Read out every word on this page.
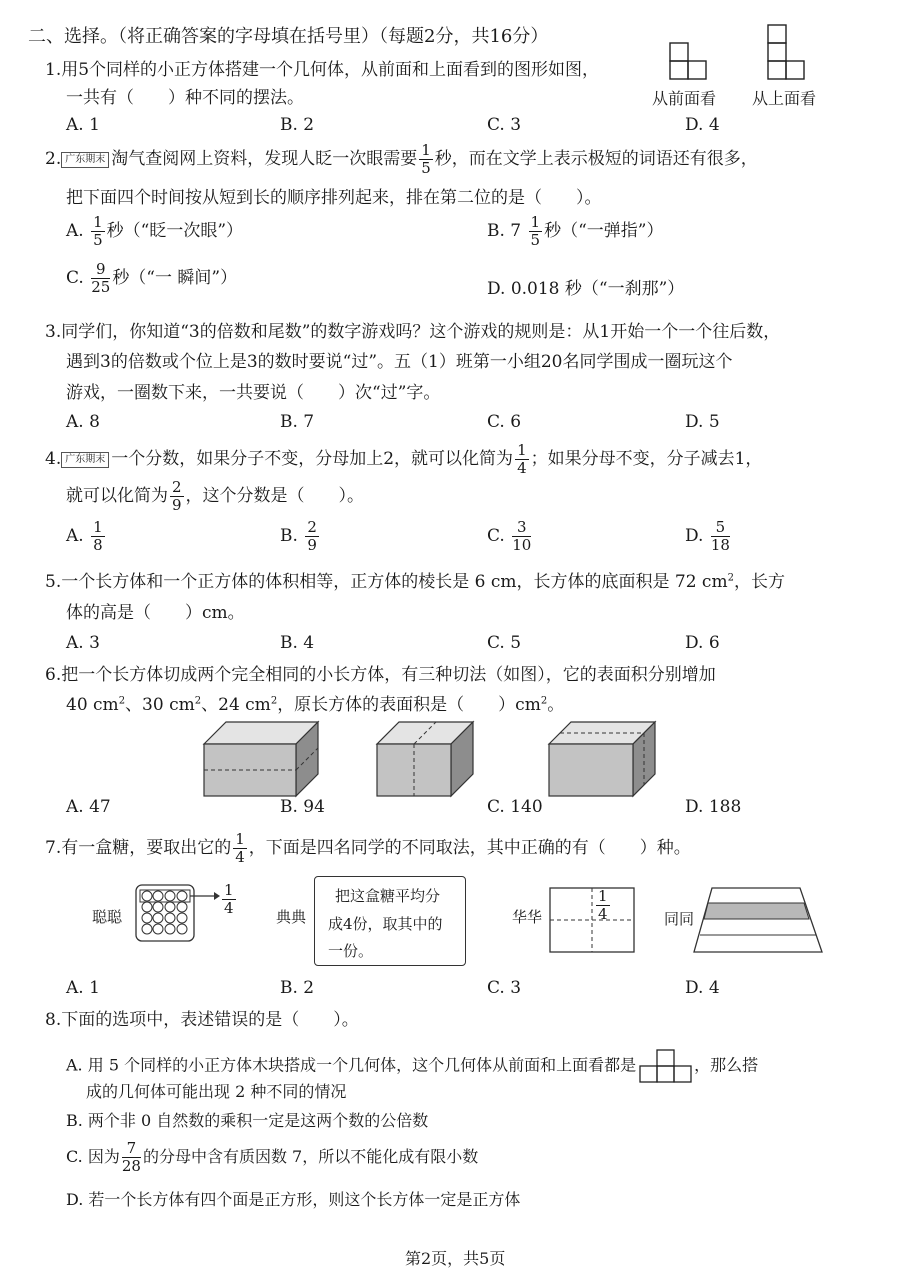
二、选择。（将正确答案的字母填在括号里）（每题2分，共16分）
1.用5个同样的小正方体搭建一个几何体，从前面和上面看到的图形如图，
一共有（　　）种不同的摆法。	从前面看 从上面看
A. 1	B. 2	C. 3	D. 4
2. 广东期末 淘气查阅网上资料，发现人眨一次眼需要 $\frac{1}{5}$ 秒，而在文学上表示极短的词语还有很多，
把下面四个时间按从短到长的顺序排列起来，排在第二位的是（　　）。
A. $\frac{1}{5}$ 秒（“眨一次眼”）	B. $7 \frac{1}{5}$ 秒（“一弹指”）
C. $\frac{9}{25}$ 秒（“一 瞬间”）
D. 0.018 秒（“一刹那”）
3.同学们，你知道“3的倍数和尾数”的数字游戏吗？这个游戏的规则是：从1开始一个一个往后数，
遇到3的倍数或个位上是3的数时要说“过”。五（1）班第一小组20名同学围成一圈玩这个
游戏，一圈数下来，一共要说（　　）次“过”字。
A. 8	B. 7	C. 6	D. 5
4. 广东期末 一个分数，如果分子不变，分母加上2，就可以化简为 $\frac{1}{4}$ ；如果分母不变，分子减去1，
就可以化简为 $\frac{2}{9}$ ，这个分数是（　　）。
A. $\frac{1}{8}$	B. $\frac{2}{9}$	C. $\frac{3}{10}$	D. $\frac{5}{18}$
5.一个长方体和一个正方体的体积相等，正方体的棱长是 6 cm，长方体的底面积是 72 $cm^2$，长方
体的高是（　　）cm。
A. 3	B. 4	C. 5	D. 6
6.把一个长方体切成两个完全相同的小长方体，有三种切法（如图），它的表面积分别增加
40 $cm^2$、30 $cm^2$、24 $cm^2$，原长方体的表面积是（　　）$cm^2$。
A. 47	B. 94	C. 140	D. 188
7.有一盒糖，要取出它的 $\frac{1}{4}$ ，下面是四名同学的不同取法，其中正确的有（　　）种。
聪聪
$\frac{1}{4}$
典典
把这盒糖平均分
成4份，取其中的
一份。
华华	$\frac{1}{4}$	同同
A. 1	B. 2	C. 3	D. 4
8.下面的选项中，表述错误的是（　　）。
A. 用 5 个同样的小正方体木块搭成一个几何体，这个几何体从前面和上面看都是	，那么搭
成的几何体可能出现 2 种不同的情况
B. 两个非 0 自然数的乘积一定是这两个数的公倍数
C. 因为 $\frac{7}{28}$ 的分母中含有质因数 7，所以不能化成有限小数
D. 若一个长方体有四个面是正方形，则这个长方体一定是正方体
第2页，共5页
